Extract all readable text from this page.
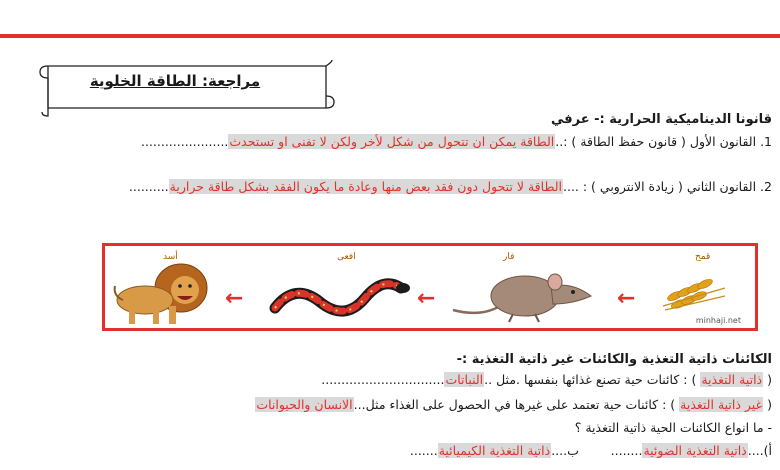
مراجعة: الطاقة الخلوية
قانونا الديناميكية الحرارية :- عرفي
1. القانون الأول ( قانون حفظ الطاقة ) :..الطاقة يمكن ان تتحول من شكل لأخر ولكن لا تفنى او تستحدث......................
2. القانون الثاني ( زيادة الانتروبي ) : ....الطاقة لا تتحول دون فقد بعض منها وعادة ما يكون الفقد بشكل طاقة حرارية..........
قمح
فار
افعى
أسد
←
←
←
minhaji.net
الكائنات ذاتية التغذية والكائنات غير ذاتية التغذية :-
( ذاتية التغذية ) : كائنات حية تصنع غذائها بنفسها .مثل ..النباتات...............................
( غير ذاتية التغذية ) : كائنات حية تعتمد على غيرها في الحصول على الغذاء مثل...الانسان والحيوانات
- ما انواع الكائنات الحية ذاتية التغذية ؟
أ)....ذاتية التغذية الضوئية........        ب....ذاتية التغذية الكيميائية.......
